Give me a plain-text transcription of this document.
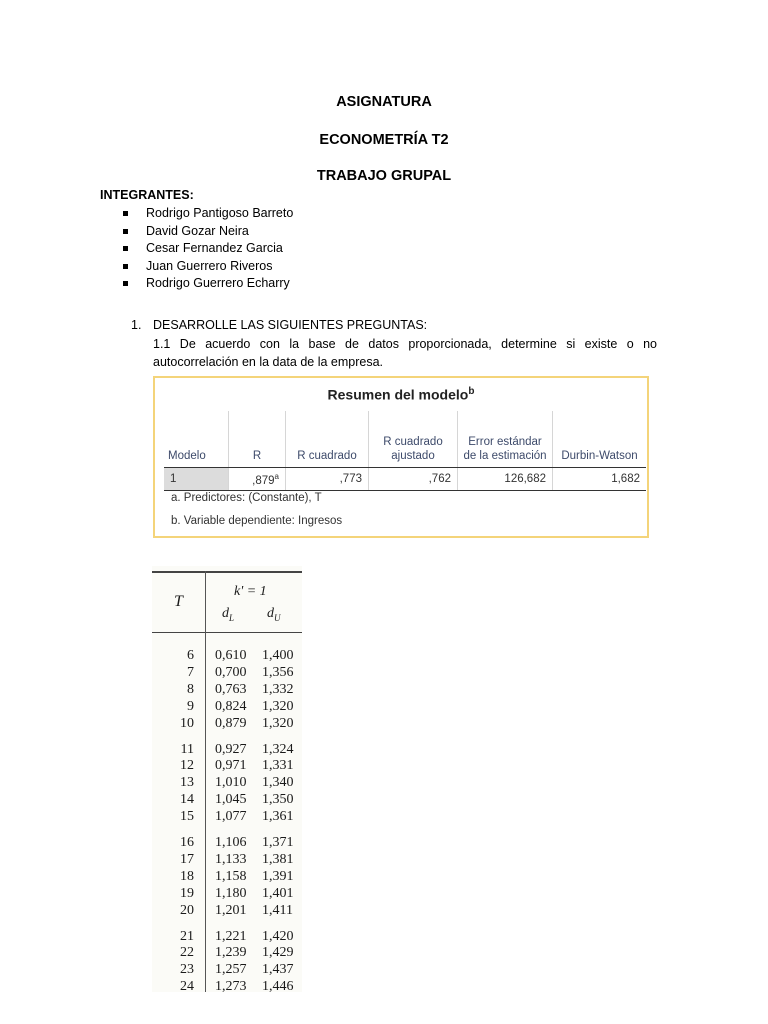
ASIGNATURA
ECONOMETRÍA T2
TRABAJO GRUPAL

INTEGRANTES:

Rodrigo Pantigoso Barreto
David Gozar Neira
Cesar Fernandez Garcia
Juan Guerrero Riveros
Rodrigo Guerrero Echarry

1. DESARROLLE LAS SIGUIENTES PREGUNTAS:

1.1 De acuerdo con la base de datos proporcionada, determine si existe o no autocorrelación en la data de la empresa.

Resumen del modelo$^b$
Modelo	R	R cuadrado	R cuadrado ajustado	Error estándar de la estimación	Durbin-Watson
1	,879$^a$	,773	,762	126,682	1,682
a. Predictores: (Constante), T
b. Variable dependiente: Ingresos
T
k' = 1
$d_L$ $d_U$
6 0,610 1,400
7 0,700 1,356
8 0,763 1,332
9 0,824 1,320
10 0,879 1,320
11 0,927 1,324
12 0,971 1,331
13 1,010 1,340
14 1,045 1,350
15 1,077 1,361
16 1,106 1,371
17 1,133 1,381
18 1,158 1,391
19 1,180 1,401
20 1,201 1,411
21 1,221 1,420
22 1,239 1,429
23 1,257 1,437
24 1,273 1,446
